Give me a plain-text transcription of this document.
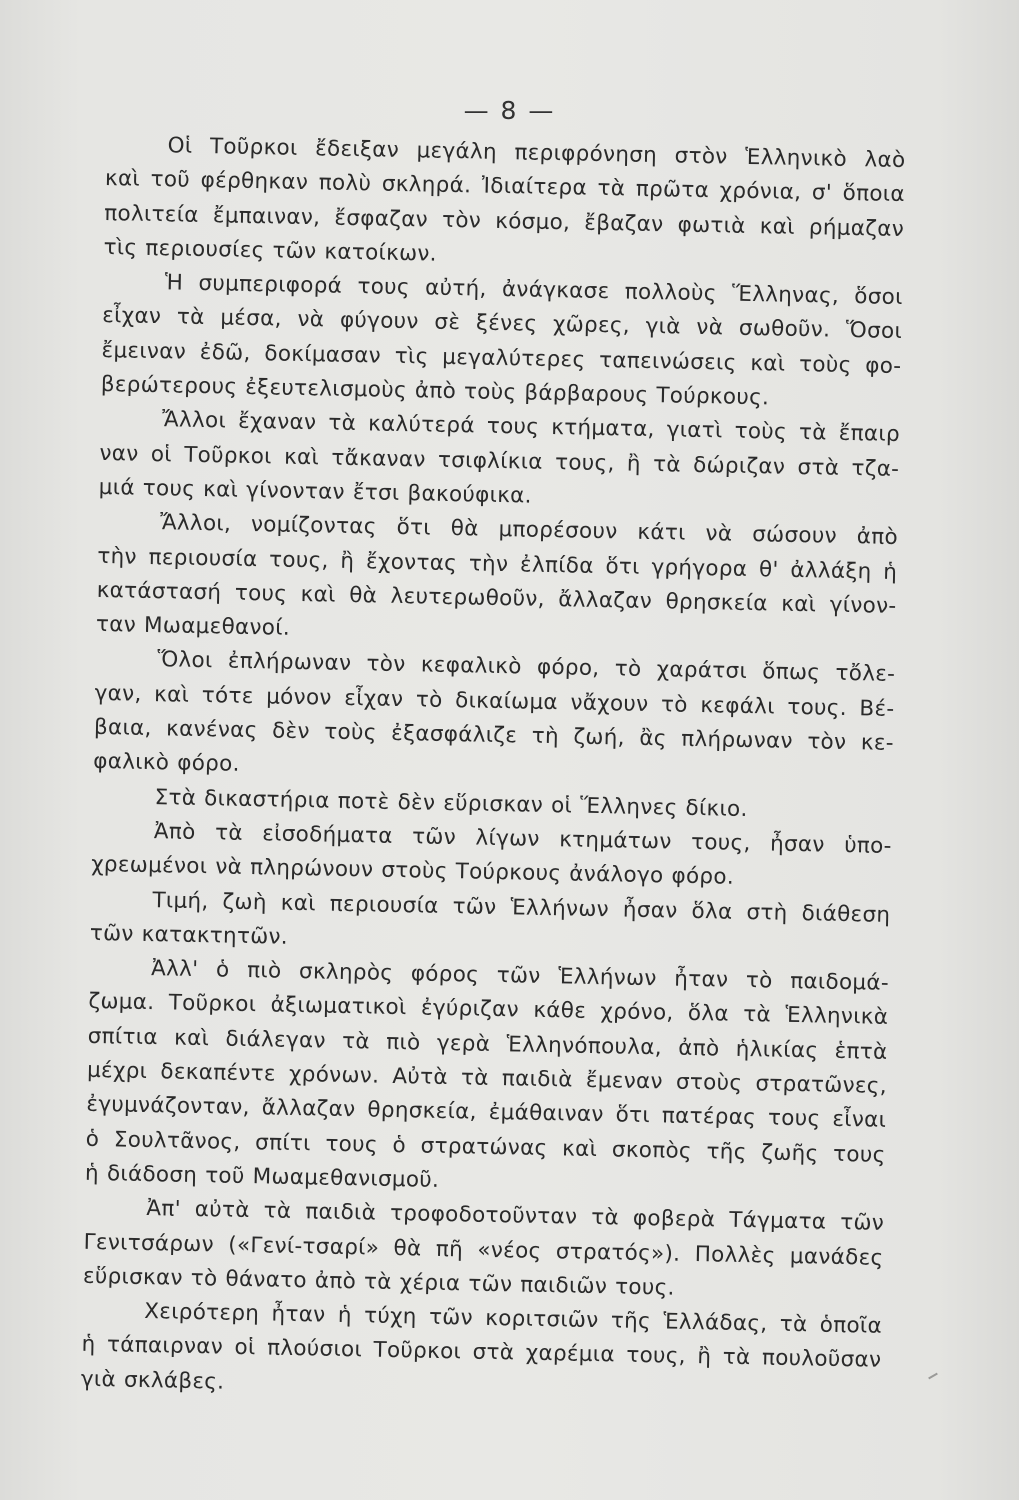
— 8 —
Οἱ Τοῦρκοι ἔδειξαν μεγάλη περιφρόνηση στὸν Ἑλληνικὸ λαὸ
καὶ τοῦ φέρθηκαν πολὺ σκληρά. Ἰδιαίτερα τὰ πρῶτα χρόνια, σ' ὅποια
πολιτεία ἔμπαιναν, ἔσφαζαν τὸν κόσμο, ἔβαζαν φωτιὰ καὶ ρήμαζαν
τὶς περιουσίες τῶν κατοίκων.
Ἡ συμπεριφορά τους αὐτή, ἀνάγκασε πολλοὺς Ἕλληνας, ὅσοι
εἶχαν τὰ μέσα, νὰ φύγουν σὲ ξένες χῶρες, γιὰ νὰ σωθοῦν. Ὅσοι
ἔμειναν ἐδῶ, δοκίμασαν τὶς μεγαλύτερες ταπεινώσεις καὶ τοὺς φο-
βερώτερους ἐξευτελισμοὺς ἀπὸ τοὺς βάρβαρους Τούρκους.
Ἄλλοι ἔχαναν τὰ καλύτερά τους κτήματα, γιατὶ τοὺς τὰ ἔπαιρ
ναν οἱ Τοῦρκοι καὶ τἄκαναν τσιφλίκια τους, ἢ τὰ δώριζαν στὰ τζα-
μιά τους καὶ γίνονταν ἔτσι βακούφικα.
Ἄλλοι, νομίζοντας ὅτι θὰ μπορέσουν κάτι νὰ σώσουν ἀπὸ
τὴν περιουσία τους, ἢ ἔχοντας τὴν ἐλπίδα ὅτι γρήγορα θ' ἀλλάξη ἡ
κατάστασή τους καὶ θὰ λευτερωθοῦν, ἄλλαζαν θρησκεία καὶ γίνον-
ταν Μωαμεθανοί.
Ὅλοι ἐπλήρωναν τὸν κεφαλικὸ φόρο, τὸ χαράτσι ὅπως τὄλε-
γαν, καὶ τότε μόνον εἶχαν τὸ δικαίωμα νἄχουν τὸ κεφάλι τους. Βέ-
βαια, κανένας δὲν τοὺς ἐξασφάλιζε τὴ ζωή, ἂς πλήρωναν τὸν κε-
φαλικὸ φόρο.
Στὰ δικαστήρια ποτὲ δὲν εὕρισκαν οἱ Ἕλληνες δίκιο.
Ἀπὸ τὰ εἰσοδήματα τῶν λίγων κτημάτων τους, ἦσαν ὑπο-
χρεωμένοι νὰ πληρώνουν στοὺς Τούρκους ἀνάλογο φόρο.
Τιμή, ζωὴ καὶ περιουσία τῶν Ἑλλήνων ἦσαν ὅλα στὴ διάθεση
τῶν κατακτητῶν.
Ἀλλ' ὁ πιὸ σκληρὸς φόρος τῶν Ἑλλήνων ἦταν τὸ παιδομά-
ζωμα. Τοῦρκοι ἀξιωματικοὶ ἐγύριζαν κάθε χρόνο, ὅλα τὰ Ἑλληνικὰ
σπίτια καὶ διάλεγαν τὰ πιὸ γερὰ Ἑλληνόπουλα, ἀπὸ ἡλικίας ἑπτὰ
μέχρι δεκαπέντε χρόνων. Αὐτὰ τὰ παιδιὰ ἔμεναν στοὺς στρατῶνες,
ἐγυμνάζονταν, ἄλλαζαν θρησκεία, ἐμάθαιναν ὅτι πατέρας τους εἶναι
ὁ Σουλτᾶνος, σπίτι τους ὁ στρατώνας καὶ σκοπὸς τῆς ζωῆς τους
ἡ διάδοση τοῦ Μωαμεθανισμοῦ.
Ἀπ' αὐτὰ τὰ παιδιὰ τροφοδοτοῦνταν τὰ φοβερὰ Τάγματα τῶν
Γενιτσάρων («Γενί-τσαρί» θὰ πῆ «νέος στρατός»). Πολλὲς μανάδες
εὕρισκαν τὸ θάνατο ἀπὸ τὰ χέρια τῶν παιδιῶν τους.
Χειρότερη ἦταν ἡ τύχη τῶν κοριτσιῶν τῆς Ἑλλάδας, τὰ ὁποῖα
ἡ τάπαιρναν οἱ πλούσιοι Τοῦρκοι στὰ χαρέμια τους, ἢ τὰ πουλοῦσαν
γιὰ σκλάβες.
